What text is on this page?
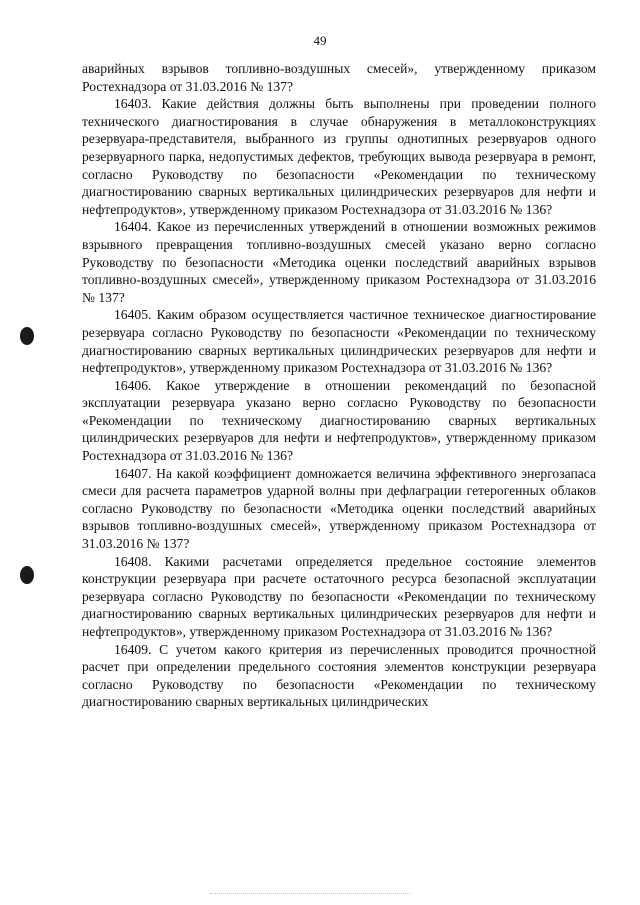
49

аварийных взрывов топливно-воздушных смесей», утвержденному приказом Ростехнадзора от 31.03.2016 № 137?

16403. Какие действия должны быть выполнены при проведении полного технического диагностирования в случае обнаружения в металлоконструкциях резервуара-представителя, выбранного из группы однотипных резервуаров одного резервуарного парка, недопустимых дефектов, требующих вывода резервуара в ремонт, согласно Руководству по безопасности «Рекомендации по техническому диагностированию сварных вертикальных цилиндрических резервуаров для нефти и нефтепродуктов», утвержденному приказом Ростехнадзора от 31.03.2016 № 136?

16404. Какое из перечисленных утверждений в отношении возможных режимов взрывного превращения топливно-воздушных смесей указано верно согласно Руководству по безопасности «Методика оценки последствий аварийных взрывов топливно-воздушных смесей», утвержденному приказом Ростехнадзора от 31.03.2016 № 137?

16405. Каким образом осуществляется частичное техническое диагностирование резервуара согласно Руководству по безопасности «Рекомендации по техническому диагностированию сварных вертикальных цилиндрических резервуаров для нефти и нефтепродуктов», утвержденному приказом Ростехнадзора от 31.03.2016 № 136?

16406. Какое утверждение в отношении рекомендаций по безопасной эксплуатации резервуара указано верно согласно Руководству по безопасности «Рекомендации по техническому диагностированию сварных вертикальных цилиндрических резервуаров для нефти и нефтепродуктов», утвержденному приказом Ростехнадзора от 31.03.2016 № 136?

16407. На какой коэффициент домножается величина эффективного энергозапаса смеси для расчета параметров ударной волны при дефлаграции гетерогенных облаков согласно Руководству по безопасности «Методика оценки последствий аварийных взрывов топливно-воздушных смесей», утвержденному приказом Ростехнадзора от 31.03.2016 № 137?

16408. Какими расчетами определяется предельное состояние элементов конструкции резервуара при расчете остаточного ресурса безопасной эксплуатации резервуара согласно Руководству по безопасности «Рекомендации по техническому диагностированию сварных вертикальных цилиндрических резервуаров для нефти и нефтепродуктов», утвержденному приказом Ростехнадзора от 31.03.2016 № 136?

16409. С учетом какого критерия из перечисленных проводится прочностной расчет при определении предельного состояния элементов конструкции резервуара согласно Руководству по безопасности «Рекомендации по техническому диагностированию сварных вертикальных цилиндрических
